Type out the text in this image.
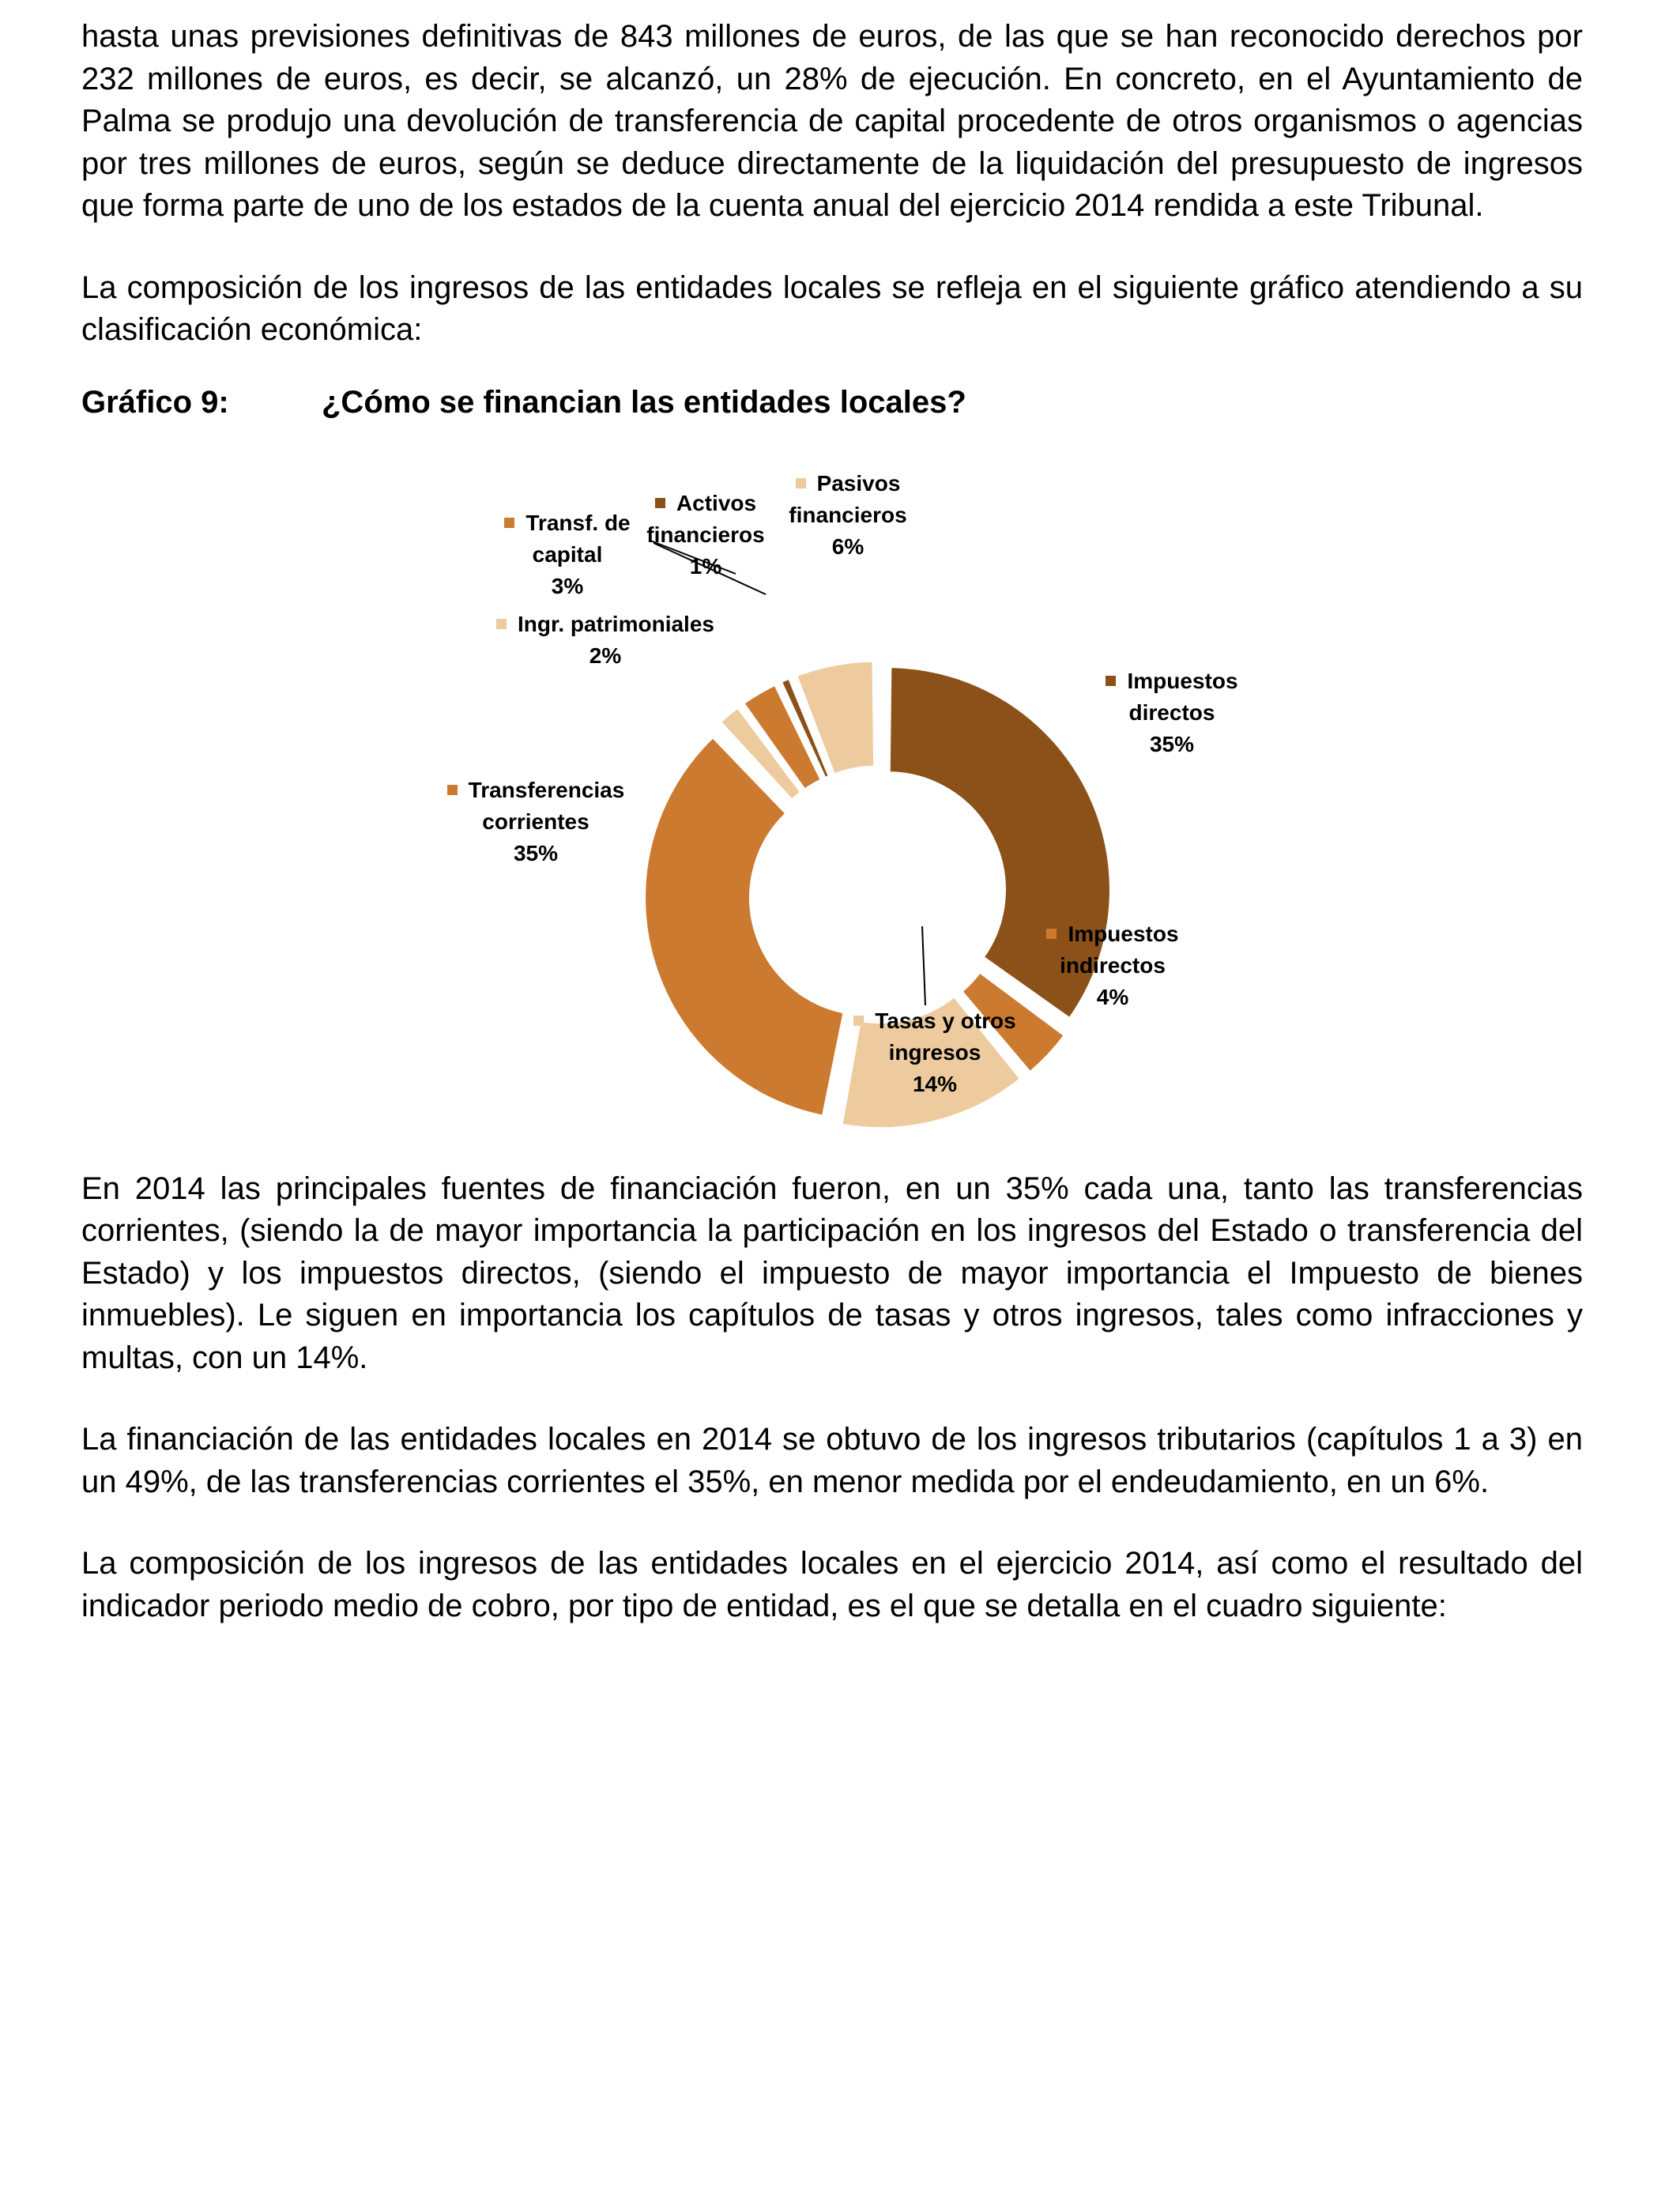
hasta unas previsiones definitivas de 843 millones de euros, de las que se han reconocido derechos por 232 millones de euros, es decir, se alcanzó, un 28% de ejecución. En concreto, en el Ayuntamiento de Palma se produjo una devolución de transferencia de capital procedente de otros organismos o agencias por tres millones de euros, según se deduce directamente de la liquidación del presupuesto de ingresos que forma parte de uno de los estados de la cuenta anual del ejercicio 2014 rendida a este Tribunal.

La composición de los ingresos de las entidades locales se refleja en el siguiente gráfico atendiendo a su clasificación económica:

Gráfico 9:	¿Cómo se financian las entidades locales?

Impuestos
directos
35%
Impuestos
indirectos
4%
Tasas y otros
ingresos
14%
Transferencias
corrientes
35%
Ingr. patrimoniales
2%
Transf. de
capital
3%
Activos
financieros
1%
Pasivos
financieros
6%

En 2014 las principales fuentes de financiación fueron, en un 35% cada una, tanto las transferencias corrientes, (siendo la de mayor importancia la participación en los ingresos del Estado o transferencia del Estado) y los impuestos directos, (siendo el impuesto de mayor importancia el Impuesto de bienes inmuebles). Le siguen en importancia los capítulos de tasas y otros ingresos, tales como infracciones y multas, con un 14%.

La financiación de las entidades locales en 2014 se obtuvo de los ingresos tributarios (capítulos 1 a 3) en un 49%, de las transferencias corrientes el 35%, en menor medida por el endeudamiento, en un 6%.

La composición de los ingresos de las entidades locales en el ejercicio 2014, así como el resultado del indicador periodo medio de cobro, por tipo de entidad, es el que se detalla en el cuadro siguiente:
